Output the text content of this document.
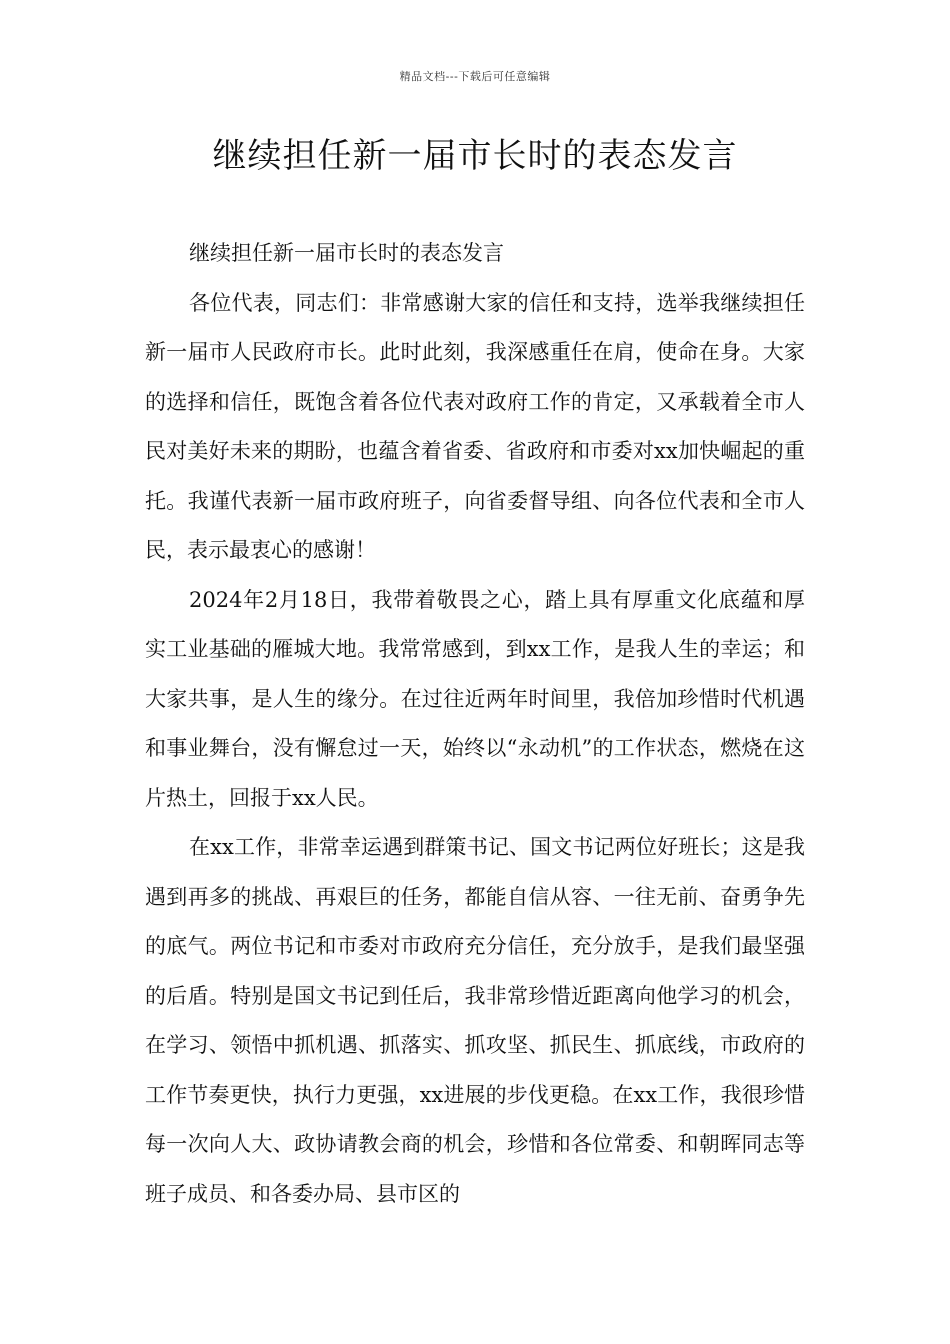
精品文档---下载后可任意编辑
继续担任新一届市长时的表态发言

继续担任新一届市长时的表态发言

各位代表，同志们：非常感谢大家的信任和支持，选举我继续担任新一届市人民政府市长。此时此刻，我深感重任在肩，使命在身。大家的选择和信任，既饱含着各位代表对政府工作的肯定，又承载着全市人民对美好未来的期盼，也蕴含着省委、省政府和市委对xx加快崛起的重托。我谨代表新一届市政府班子，向省委督导组、向各位代表和全市人民，表示最衷心的感谢！

2024年2月18日，我带着敬畏之心，踏上具有厚重文化底蕴和厚实工业基础的雁城大地。我常常感到，到xx工作，是我人生的幸运；和大家共事，是人生的缘分。在过往近两年时间里，我倍加珍惜时代机遇和事业舞台，没有懈怠过一天，始终以“永动机”的工作状态，燃烧在这片热土，回报于xx人民。

在xx工作，非常幸运遇到群策书记、国文书记两位好班长；这是我遇到再多的挑战、再艰巨的任务，都能自信从容、一往无前、奋勇争先的底气。两位书记和市委对市政府充分信任，充分放手，是我们最坚强的后盾。特别是国文书记到任后，我非常珍惜近距离向他学习的机会，在学习、领悟中抓机遇、抓落实、抓攻坚、抓民生、抓底线，市政府的工作节奏更快，执行力更强，xx进展的步伐更稳。在xx工作，我很珍惜每一次向人大、政协请教会商的机会，珍惜和各位常委、和朝晖同志等班子成员、和各委办局、县市区的
